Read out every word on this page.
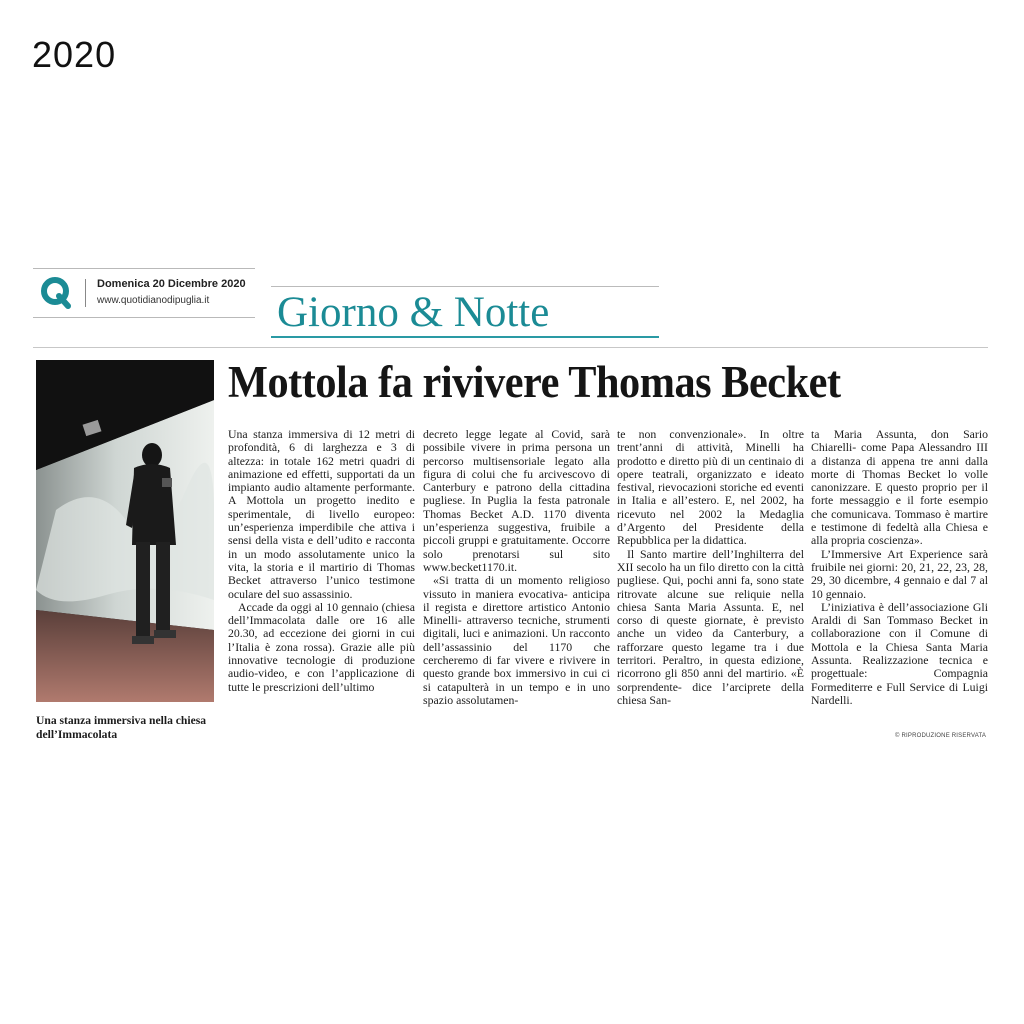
2020
Domenica 20 Dicembre 2020
www.quotidianodipuglia.it Giorno & Notte
Una stanza immersiva nella chiesa dell’Immacolata
Mottola fa rivivere Thomas Becket

Una stanza immersiva di 12 metri di profondità, 6 di larghezza e 3 di altezza: in totale 162 metri quadri di animazione ed effetti, supportati da un impianto audio altamente performante. A Mottola un progetto inedito e sperimentale, di livello europeo: un’esperienza imperdibile che attiva i sensi della vista e dell’udito e racconta in un modo assolutamente unico la vita, la storia e il martirio di Thomas Becket attraverso l’unico testimone oculare del suo assassinio.

Accade da oggi al 10 gennaio (chiesa dell’Immacolata dalle ore 16 alle 20.30, ad eccezione dei giorni in cui l’Italia è zona rossa). Grazie alle più innovative tecnologie di produzione audio-video, e con l’applicazione di tutte le prescrizioni dell’ultimo

decreto legge legate al Covid, sarà possibile vivere in prima persona un percorso multisensoriale legato alla figura di colui che fu arcivescovo di Canterbury e patrono della cittadina pugliese. In Puglia la festa patronale Thomas Becket A.D. 1170 diventa un’esperienza suggestiva, fruibile a piccoli gruppi e gratuitamente. Occorre solo prenotarsi sul sito www.becket1170.it.

«Si tratta di un momento religioso vissuto in maniera evocativa- anticipa il regista e direttore artistico Antonio Minelli- attraverso tecniche, strumenti digitali, luci e animazioni. Un racconto dell’assassinio del 1170 che cercheremo di far vivere e rivivere in questo grande box immersivo in cui ci si catapulterà in un tempo e in uno spazio assolutamen-

te non convenzionale». In oltre trent’anni di attività, Minelli ha prodotto e diretto più di un centinaio di opere teatrali, organizzato e ideato festival, rievocazioni storiche ed eventi in Italia e all’estero. E, nel 2002, ha ricevuto nel 2002 la Medaglia d’Argento del Presidente della Repubblica per la didattica.

Il Santo martire dell’Inghilterra del XII secolo ha un filo diretto con la città pugliese. Qui, pochi anni fa, sono state ritrovate alcune sue reliquie nella chiesa Santa Maria Assunta. E, nel corso di queste giornate, è previsto anche un video da Canterbury, a rafforzare questo legame tra i due territori. Peraltro, in questa edizione, ricorrono gli 850 anni del martirio. «È sorprendente- dice l’arciprete della chiesa San-

ta Maria Assunta, don Sario Chiarelli- come Papa Alessandro III a distanza di appena tre anni dalla morte di Thomas Becket lo volle canonizzare. E questo proprio per il forte messaggio e il forte esempio che comunicava. Tommaso è martire e testimone di fedeltà alla Chiesa e alla propria coscienza».

L’Immersive Art Experience sarà fruibile nei giorni: 20, 21, 22, 23, 28, 29, 30 dicembre, 4 gennaio e dal 7 al 10 gennaio.

L’iniziativa è dell’associazione Gli Araldi di San Tommaso Becket in collaborazione con il Comune di Mottola e la Chiesa Santa Maria Assunta. Realizzazione tecnica e progettuale: Compagnia Formediterre e Full Service di Luigi Nardelli.

© RIPRODUZIONE RISERVATA
